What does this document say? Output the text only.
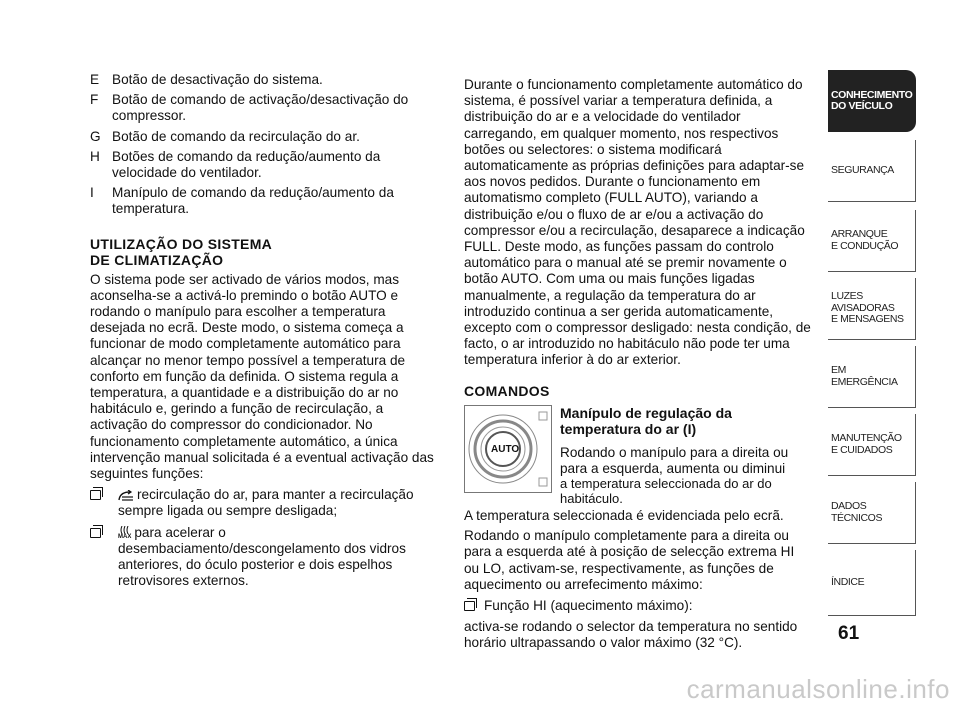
E Botão de desactivação do sistema.
F Botão de comando de activação/desactivação do compressor.
G Botão de comando da recirculação do ar.
H Botões de comando da redução/aumento da velocidade do ventilador.
I Manípulo de comando da redução/aumento da temperatura.
UTILIZAÇÃO DO SISTEMA
DE CLIMATIZAÇÃO

O sistema pode ser activado de vários modos, mas aconselha-se a activá-lo premindo o botão AUTO e rodando o manípulo para escolher a temperatura desejada no ecrã. Deste modo, o sistema começa a funcionar de modo completamente automático para alcançar no menor tempo possível a temperatura de conforto em função da definida. O sistema regula a temperatura, a quantidade e a distribuição do ar no habitáculo e, gerindo a função de recirculação, a activação do compressor do condicionador. No funcionamento completamente automático, a única intervenção manual solicitada é a eventual activação das seguintes funções:

recirculação do ar, para manter a recirculação sempre ligada ou sempre desligada;
MAX para acelerar o desembaciamento/descongelamento dos vidros anteriores, do óculo posterior e dois espelhos retrovisores externos.

Durante o funcionamento completamente automático do sistema, é possível variar a temperatura definida, a distribuição do ar e a velocidade do ventilador carregando, em qualquer momento, nos respectivos botões ou selectores: o sistema modificará automaticamente as próprias definições para adaptar-se aos novos pedidos. Durante o funcionamento em automatismo completo (FULL AUTO), variando a distribuição e/ou o fluxo de ar e/ou a activação do compressor e/ou a recirculação, desaparece a indicação FULL. Deste modo, as funções passam do controlo automático para o manual até se premir novamente o botão AUTO. Com uma ou mais funções ligadas manualmente, a regulação da temperatura do ar introduzido continua a ser gerida automaticamente, excepto com o compressor desligado: nesta condição, de facto, o ar introduzido no habitáculo não pode ter uma temperatura inferior à do ar exterior.

COMANDOS
AUTO
Manípulo de regulação da temperatura do ar (I)

Rodando o manípulo para a direita ou para a esquerda, aumenta ou diminui

a temperatura seleccionada do ar do habitáculo.

A temperatura seleccionada é evidenciada pelo ecrã.

Rodando o manípulo completamente para a direita ou para a esquerda até à posição de selecção extrema HI ou LO, activam-se, respectivamente, as funções de aquecimento ou arrefecimento máximo:

Função HI (aquecimento máximo):

activa-se rodando o selector da temperatura no sentido horário ultrapassando o valor máximo (32 °C).

CONHECIMENTO
DO VEÍCULO
SEGURANÇA
ARRANQUE
E CONDUÇÃO
LUZES
AVISADORAS
E MENSAGENS
EM EMERGÊNCIA
MANUTENÇÃO
E CUIDADOS
DADOS
TÉCNICOS
ÍNDICE
61
carmanualsonline.info
